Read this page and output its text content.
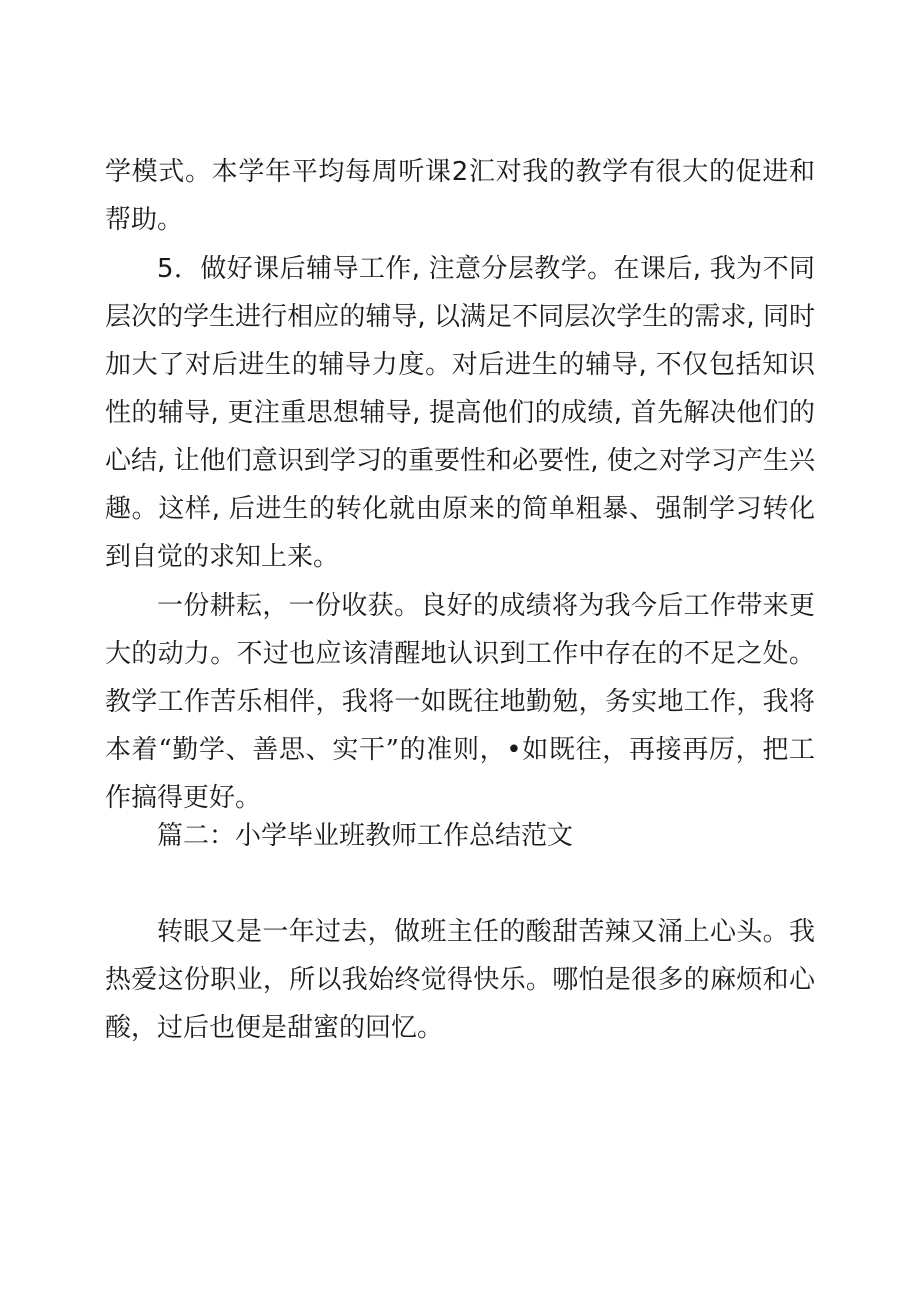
学模式。本学年平均每周听课2汇对我的教学有很大的促进和帮助。

5．做好课后辅导工作, 注意分层教学。在课后, 我为不同层次的学生进行相应的辅导, 以满足不同层次学生的需求, 同时加大了对后进生的辅导力度。对后进生的辅导, 不仅包括知识性的辅导, 更注重思想辅导, 提高他们的成绩, 首先解决他们的心结, 让他们意识到学习的重要性和必要性, 使之对学习产生兴趣。这样, 后进生的转化就由原来的简单粗暴、强制学习转化到自觉的求知上来。

一份耕耘，一份收获。良好的成绩将为我今后工作带来更大的动力。不过也应该清醒地认识到工作中存在的不足之处。教学工作苦乐相伴，我将一如既往地勤勉，务实地工作，我将本着“勤学、善思、实干”的准则，•如既往，再接再厉，把工作搞得更好。

篇二：小学毕业班教师工作总结范文

转眼又是一年过去，做班主任的酸甜苦辣又涌上心头。我热爱这份职业，所以我始终觉得快乐。哪怕是很多的麻烦和心酸，过后也便是甜蜜的回忆。
